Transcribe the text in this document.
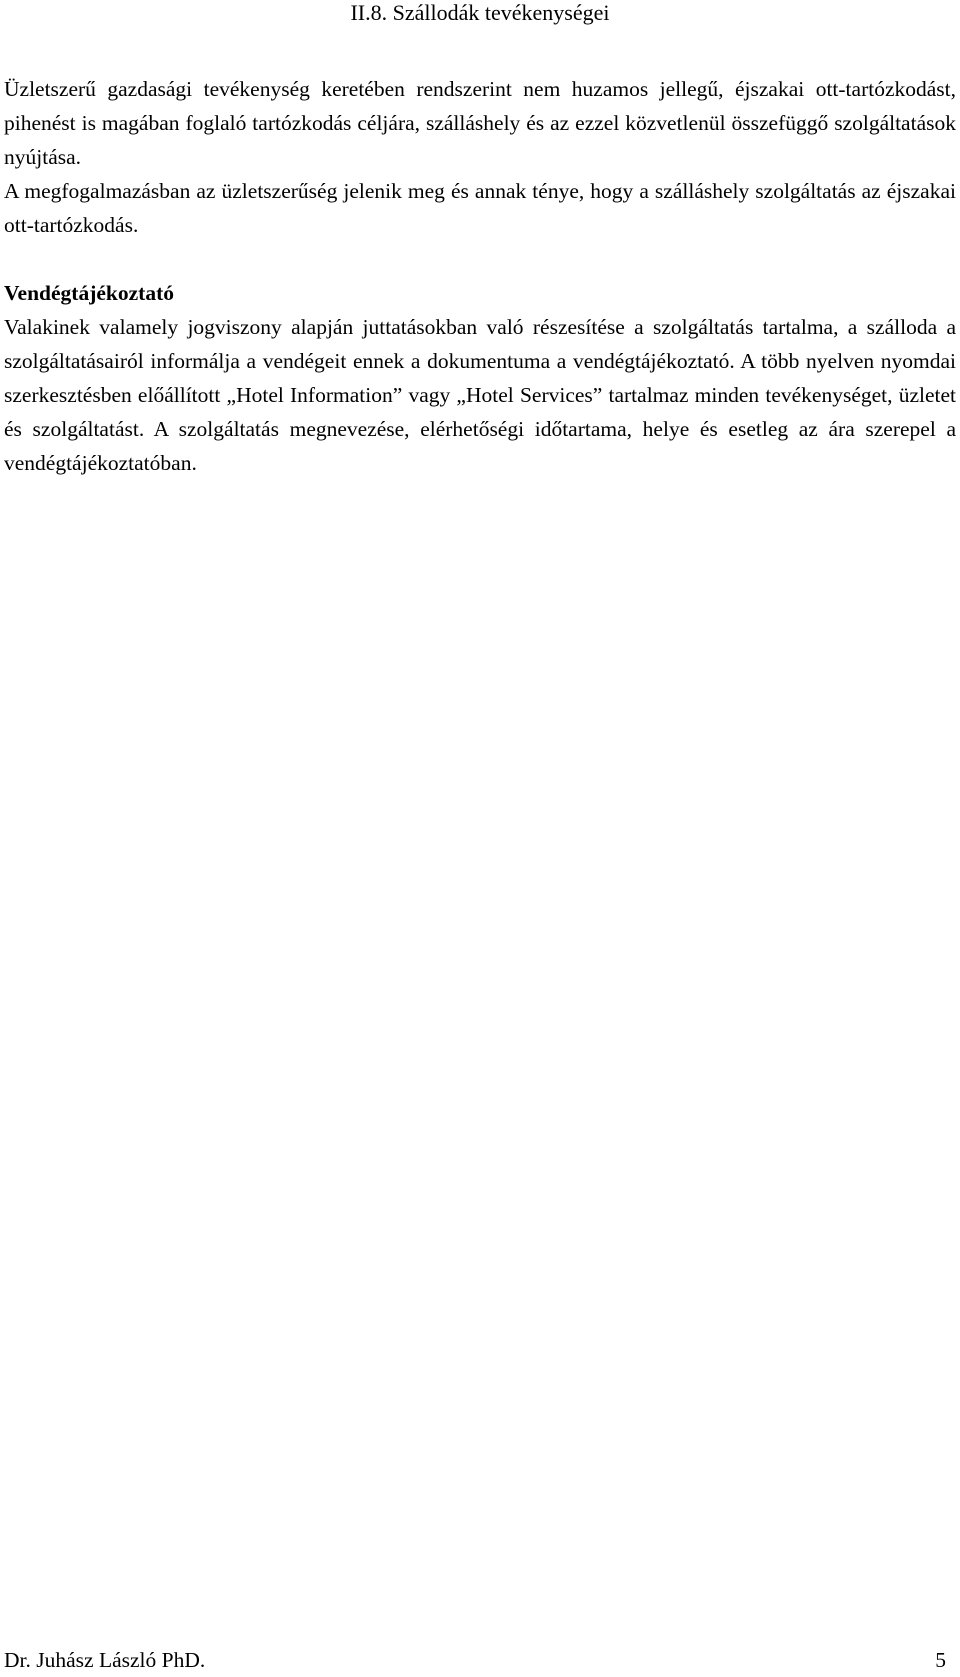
II.8. Szállodák tevékenységei

Üzletszerű gazdasági tevékenység keretében rendszerint nem huzamos jellegű, éjszakai ott-tartózkodást, pihenést is magában foglaló tartózkodás céljára, szálláshely és az ezzel közvetlenül összefüggő szolgáltatások nyújtása.

A megfogalmazásban az üzletszerűség jelenik meg és annak ténye, hogy a szálláshely szolgáltatás az éjszakai ott-tartózkodás.

Vendégtájékoztató

Valakinek valamely jogviszony alapján juttatásokban való részesítése a szolgáltatás tartalma, a szálloda a szolgáltatásairól informálja a vendégeit ennek a dokumentuma a vendégtájékoztató. A több nyelven nyomdai szerkesztésben előállított „Hotel Information” vagy „Hotel Services” tartalmaz minden tevékenységet, üzletet és szolgáltatást. A szolgáltatás megnevezése, elérhetőségi időtartama, helye és esetleg az ára szerepel a vendégtájékoztatóban.

Dr. Juhász László PhD.	5
